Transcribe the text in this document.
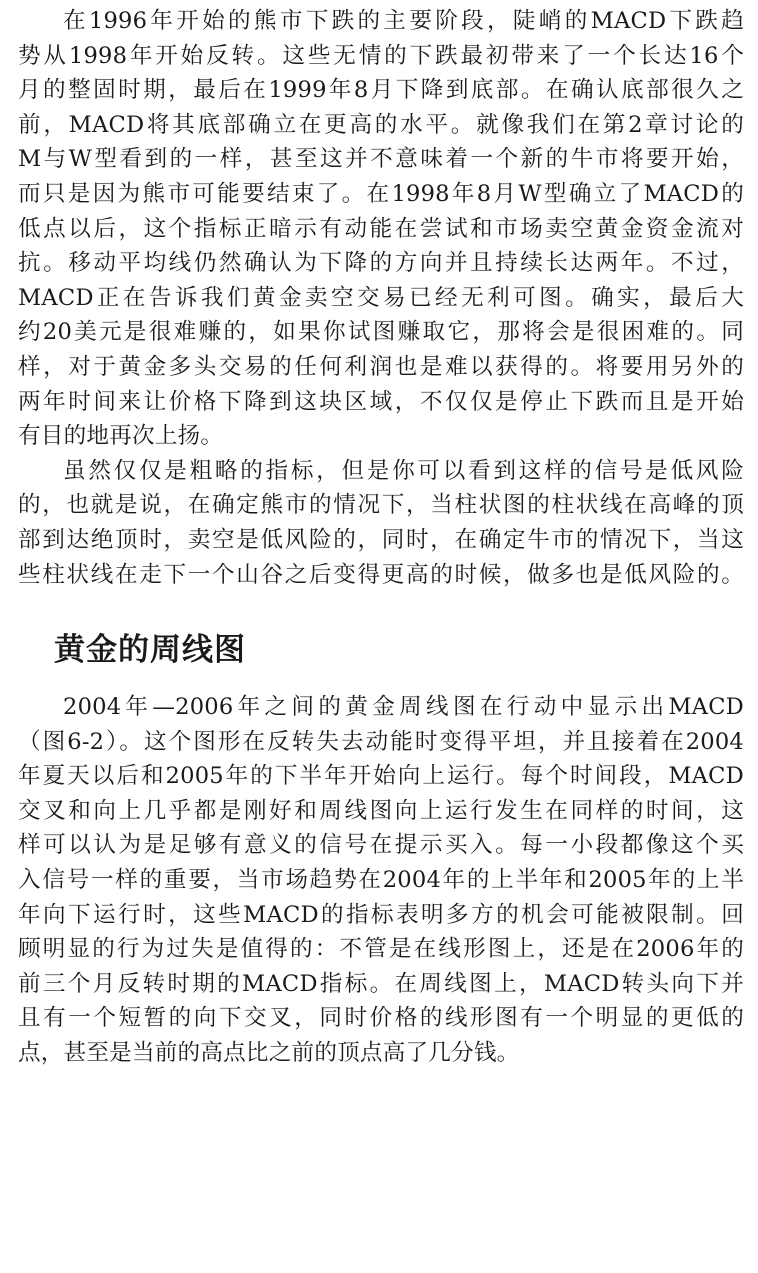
在1996年开始的熊市下跌的主要阶段，陡峭的MACD下跌趋
势从1998年开始反转。这些无情的下跌最初带来了一个长达16个
月的整固时期，最后在1999年8月下降到底部。在确认底部很久之
前，MACD将其底部确立在更高的水平。就像我们在第2章讨论的
M与W型看到的一样，甚至这并不意味着一个新的牛市将要开始，
而只是因为熊市可能要结束了。在1998年8月W型确立了MACD的
低点以后，这个指标正暗示有动能在尝试和市场卖空黄金资金流对
抗。移动平均线仍然确认为下降的方向并且持续长达两年。不过，
MACD正在告诉我们黄金卖空交易已经无利可图。确实，最后大
约20美元是很难赚的，如果你试图赚取它，那将会是很困难的。同
样，对于黄金多头交易的任何利润也是难以获得的。将要用另外的
两年时间来让价格下降到这块区域，不仅仅是停止下跌而且是开始
有目的地再次上扬。
虽然仅仅是粗略的指标，但是你可以看到这样的信号是低风险
的，也就是说，在确定熊市的情况下，当柱状图的柱状线在高峰的顶
部到达绝顶时，卖空是低风险的，同时，在确定牛市的情况下，当这
些柱状线在走下一个山谷之后变得更高的时候，做多也是低风险的。
黄金的周线图
2004年—2006年之间的黄金周线图在行动中显示出MACD
（图6-2）。这个图形在反转失去动能时变得平坦，并且接着在2004
年夏天以后和2005年的下半年开始向上运行。每个时间段，MACD
交叉和向上几乎都是刚好和周线图向上运行发生在同样的时间，这
样可以认为是足够有意义的信号在提示买入。每一小段都像这个买
入信号一样的重要，当市场趋势在2004年的上半年和2005年的上半
年向下运行时，这些MACD的指标表明多方的机会可能被限制。回
顾明显的行为过失是值得的：不管是在线形图上，还是在2006年的
前三个月反转时期的MACD指标。在周线图上，MACD转头向下并
且有一个短暂的向下交叉，同时价格的线形图有一个明显的更低的
点，甚至是当前的高点比之前的顶点高了几分钱。
